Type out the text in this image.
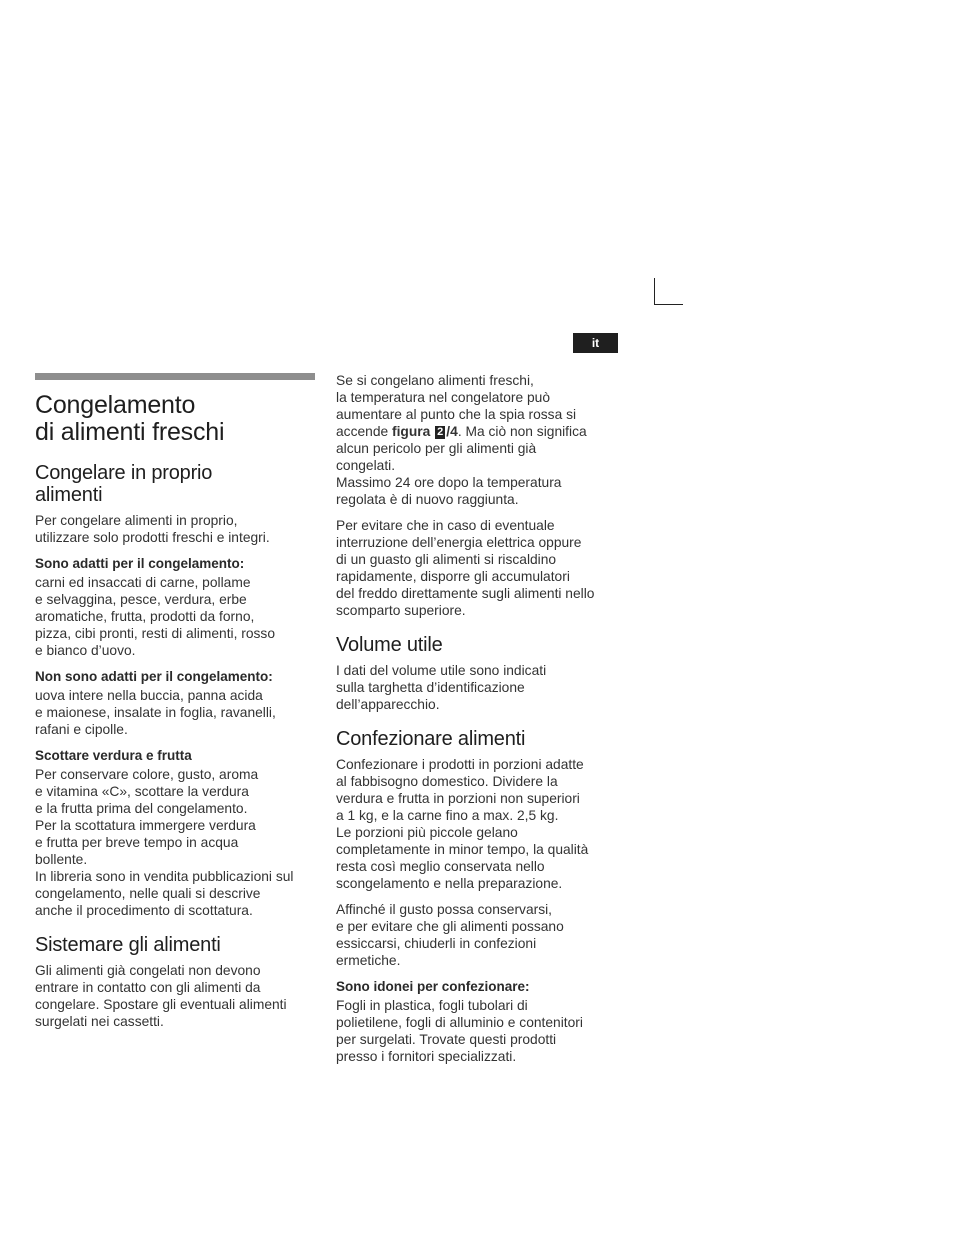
it
Congelamento
di alimenti freschi
Congelare in proprio
alimenti

Per congelare alimenti in proprio,
utilizzare solo prodotti freschi e integri.

Sono adatti per il congelamento:

carni ed insaccati di carne, pollame
e selvaggina, pesce, verdura, erbe
aromatiche, frutta, prodotti da forno,
pizza, cibi pronti, resti di alimenti, rosso
e bianco d’uovo.

Non sono adatti per il congelamento:

uova intere nella buccia, panna acida
e maionese, insalate in foglia, ravanelli,
rafani e cipolle.

Scottare verdura e frutta

Per conservare colore, gusto, aroma
e vitamina «C», scottare la verdura
e la frutta prima del congelamento.
Per la scottatura immergere verdura
e frutta per breve tempo in acqua
bollente.
In libreria sono in vendita pubblicazioni sul
congelamento, nelle quali si descrive
anche il procedimento di scottatura.

Sistemare gli alimenti

Gli alimenti già congelati non devono
entrare in contatto con gli alimenti da
congelare. Spostare gli eventuali alimenti
surgelati nei cassetti.

Se si congelano alimenti freschi,
la temperatura nel congelatore può
aumentare al punto che la spia rossa si
accende figura 2 /4. Ma ciò non significa
alcun pericolo per gli alimenti già
congelati.
Massimo 24 ore dopo la temperatura
regolata è di nuovo raggiunta.

Per evitare che in caso di eventuale
interruzione dell’energia elettrica oppure
di un guasto gli alimenti si riscaldino
rapidamente, disporre gli accumulatori
del freddo direttamente sugli alimenti nello
scomparto superiore.

Volume utile

I dati del volume utile sono indicati
sulla targhetta d’identificazione
dell’apparecchio.

Confezionare alimenti

Confezionare i prodotti in porzioni adatte
al fabbisogno domestico. Dividere la
verdura e frutta in porzioni non superiori
a 1 kg, e la carne fino a max. 2,5 kg.
Le porzioni più piccole gelano
completamente in minor tempo, la qualità
resta così meglio conservata nello
scongelamento e nella preparazione.

Affinché il gusto possa conservarsi,
e per evitare che gli alimenti possano
essiccarsi, chiuderli in confezioni
ermetiche.

Sono idonei per confezionare:

Fogli in plastica, fogli tubolari di
polietilene, fogli di alluminio e contenitori
per surgelati. Trovate questi prodotti
presso i fornitori specializzati.
